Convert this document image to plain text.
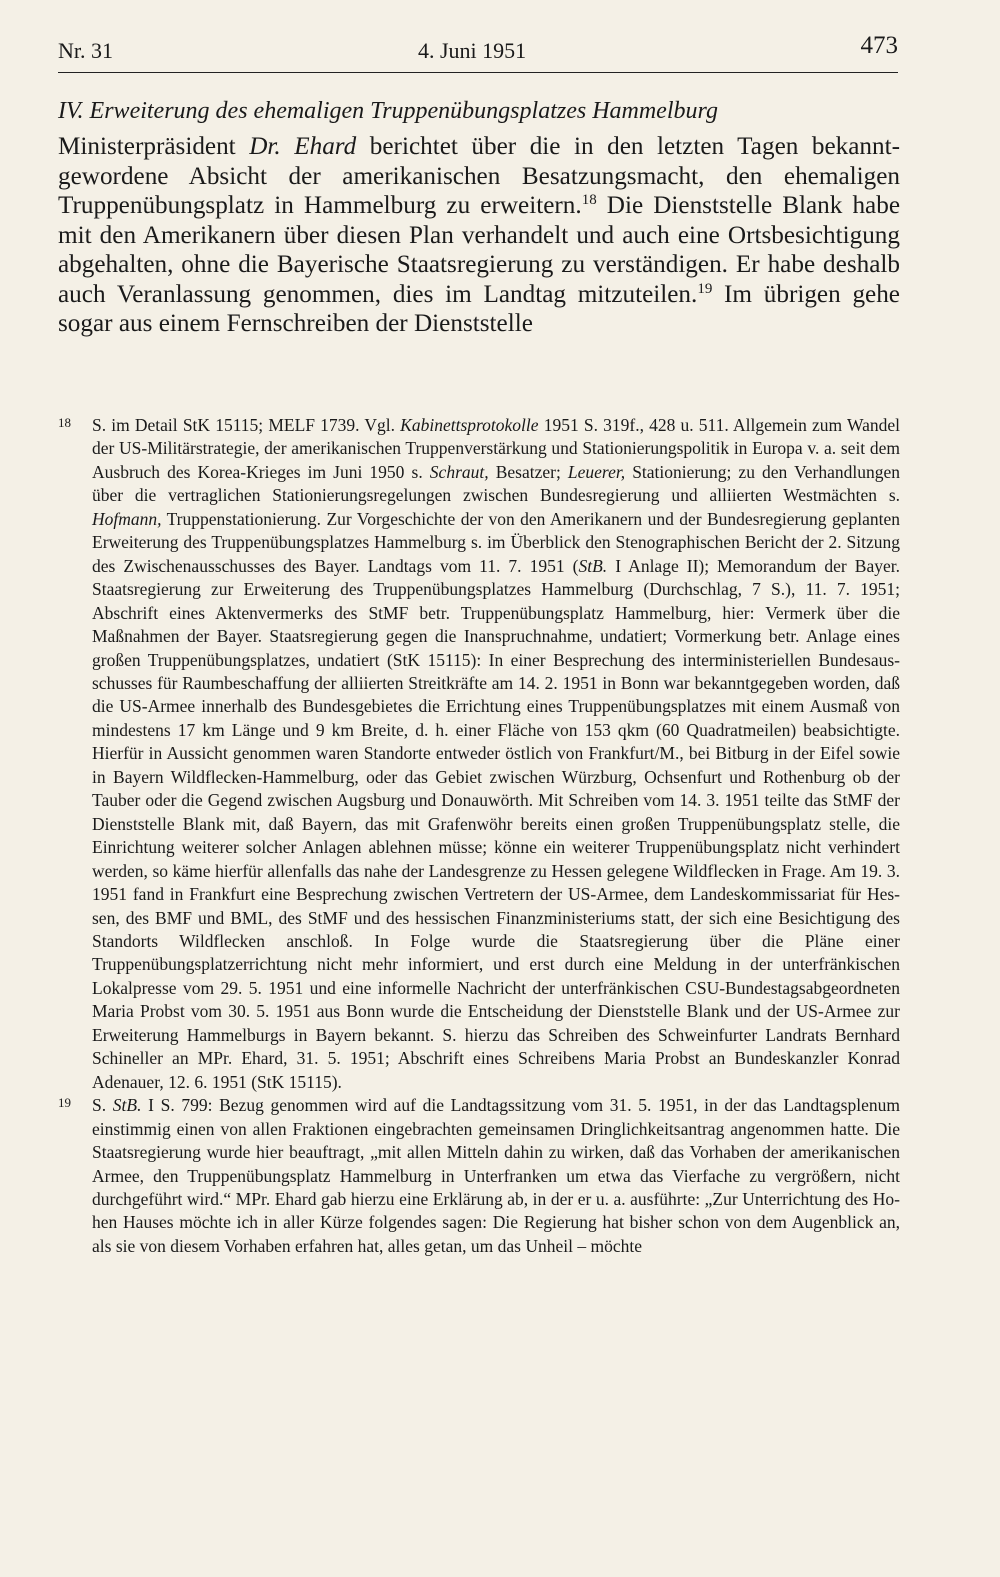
Nr. 31	4. Juni 1951	473
IV. Erweiterung des ehemaligen Truppenübungsplatzes Hammelburg

Ministerpräsident Dr. Ehard berichtet über die in den letzten Tagen bekanntgewordene Absicht der amerikanischen Besatzungsmacht, den ehemaligen Truppenübungsplatz in Hammelburg zu erweitern.$^{18}$ Die Dienststelle Blank habe mit den Amerikanern über diesen Plan verhandelt und auch eine Ortsbesichtigung abgehalten, ohne die Bayerische Staatsregierung zu verständigen. Er habe deshalb auch Veranlassung genommen, dies im Landtag mitzuteilen.$^{19}$ Im übrigen gehe sogar aus einem Fernschreiben der Dienststelle

18 S. im Detail StK 15115; MELF 1739. Vgl. Kabinettsprotokolle 1951 S. 319f., 428 u. 511. Allgemein zum Wandel der US-Militärstrategie, der amerikanischen Truppenverstärkung und Stationierungspolitik in Europa v. a. seit dem Ausbruch des Korea-Krieges im Juni 1950 s. Schraut, Besatzer; Leuerer, Stationierung; zu den Verhandlungen über die vertraglichen Stationierungsregelungen zwischen Bundesregierung und alliierten Westmächten s. Hofmann, Truppenstationierung. Zur Vorgeschichte der von den Amerikanern und der Bundesregierung geplanten Erweiterung des Truppenübungsplatzes Hammelburg s. im Überblick den Stenographischen Bericht der 2. Sitzung des Zwischenausschusses des Bayer. Landtags vom 11. 7. 1951 (StB. I Anlage II); Memorandum der Bayer. Staatsregierung zur Erweiterung des Truppenübungsplatzes Hammelburg (Durchschlag, 7 S.), 11. 7. 1951; Abschrift eines Aktenvermerks des StMF betr. Truppenübungsplatz Hammelburg, hier: Vermerk über die Maßnahmen der Bayer. Staatsregierung gegen die Inanspruchnahme, undatiert; Vormerkung betr. Anlage eines großen Truppenübungsplatzes, undatiert (StK 15115): In einer Besprechung des interministeriellen Bundesausschusses für Raumbeschaffung der alliierten Streitkräfte am 14. 2. 1951 in Bonn war bekanntgegeben worden, daß die US-Armee innerhalb des Bundesgebietes die Errichtung eines Truppenübungsplatzes mit einem Ausmaß von mindestens 17 km Länge und 9 km Breite, d. h. einer Fläche von 153 qkm (60 Quadratmeilen) beabsichtigte. Hierfür in Aussicht genommen waren Standorte entweder östlich von Frankfurt/M., bei Bitburg in der Eifel sowie in Bayern Wildflecken-Hammelburg, oder das Gebiet zwischen Würzburg, Ochsenfurt und Rothenburg ob der Tauber oder die Gegend zwischen Augsburg und Donauwörth. Mit Schreiben vom 14. 3. 1951 teilte das StMF der Dienststelle Blank mit, daß Bayern, das mit Grafenwöhr bereits einen großen Truppenübungsplatz stelle, die Einrichtung weiterer solcher Anlagen ablehnen müsse; könne ein weiterer Truppenübungsplatz nicht verhindert werden, so käme hierfür allenfalls das nahe der Landesgrenze zu Hessen gelegene Wildflecken in Frage. Am 19. 3. 1951 fand in Frankfurt eine Besprechung zwischen Vertretern der US-Armee, dem Landeskommissariat für Hessen, des BMF und BML, des StMF und des hessischen Finanzministeriums statt, der sich eine Besichtigung des Standorts Wildflecken anschloß. In Folge wurde die Staatsregierung über die Pläne einer Truppenübungsplatzerrichtung nicht mehr informiert, und erst durch eine Meldung in der unterfränkischen Lokalpresse vom 29. 5. 1951 und eine informelle Nachricht der unterfränkischen CSU-Bundestagsabgeordneten Maria Probst vom 30. 5. 1951 aus Bonn wurde die Entscheidung der Dienststelle Blank und der US-Armee zur Erweiterung Hammelburgs in Bayern bekannt. S. hierzu das Schreiben des Schweinfurter Landrats Bernhard Schineller an MPr. Ehard, 31. 5. 1951; Abschrift eines Schreibens Maria Probst an Bundeskanzler Konrad Adenauer, 12. 6. 1951 (StK 15115).

19 S. StB. I S. 799: Bezug genommen wird auf die Landtagssitzung vom 31. 5. 1951, in der das Landtagsplenum einstimmig einen von allen Fraktionen eingebrachten gemeinsamen Dringlichkeitsantrag angenommen hatte. Die Staatsregierung wurde hier beauftragt, „mit allen Mitteln dahin zu wirken, daß das Vorhaben der amerikanischen Armee, den Truppenübungsplatz Hammelburg in Unterfranken um etwa das Vierfache zu vergrößern, nicht durchgeführt wird.“ MPr. Ehard gab hierzu eine Erklärung ab, in der er u. a. ausführte: „Zur Unterrichtung des Hohen Hauses möchte ich in aller Kürze folgendes sagen: Die Regierung hat bisher schon von dem Augenblick an, als sie von diesem Vorhaben erfahren hat, alles getan, um das Unheil – möchte
